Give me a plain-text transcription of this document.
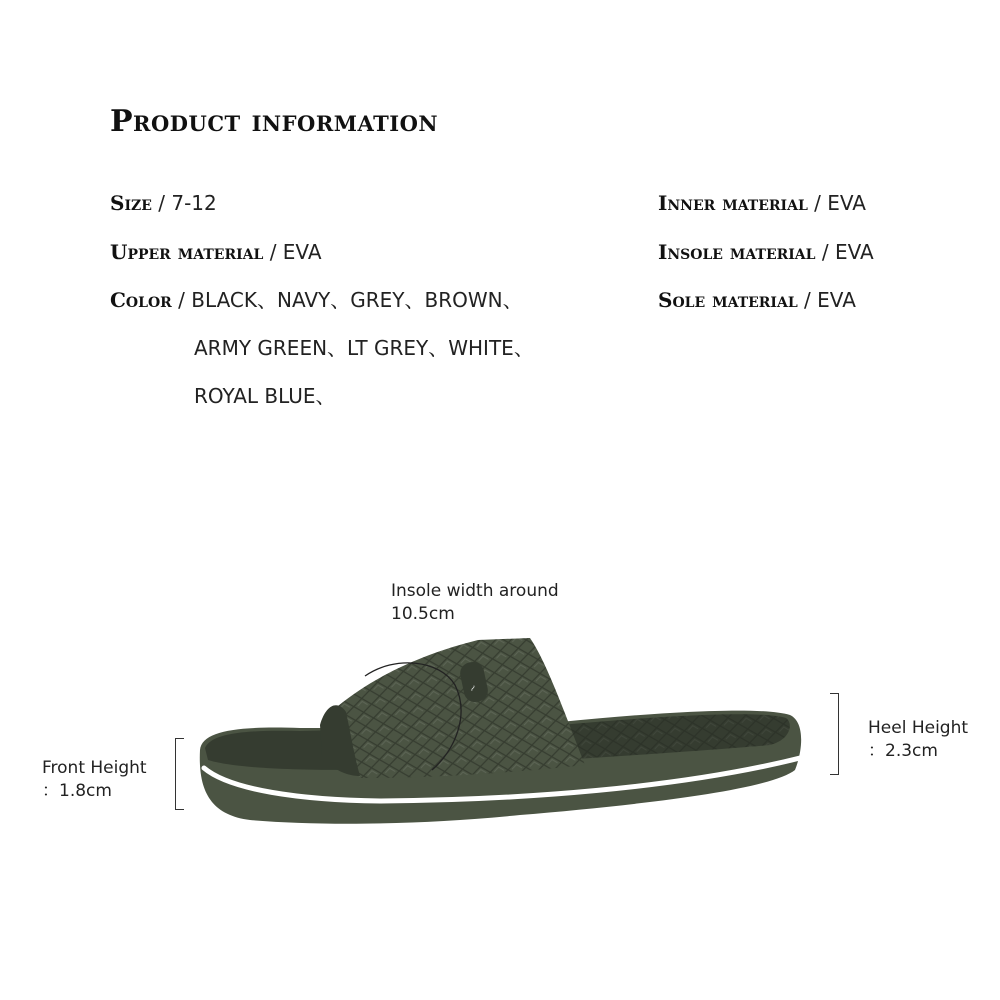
Product information
Size / 7-12
Upper material / EVA
Color / BLACK、NAVY、GREY、BROWN、
ARMY GREEN、LT GREY、WHITE、
ROYAL BLUE、
Inner material / EVA
Insole material / EVA
Sole material / EVA
~
Insole width around
10.5cm
Front Height
：1.8cm
Heel Height
：2.3cm
